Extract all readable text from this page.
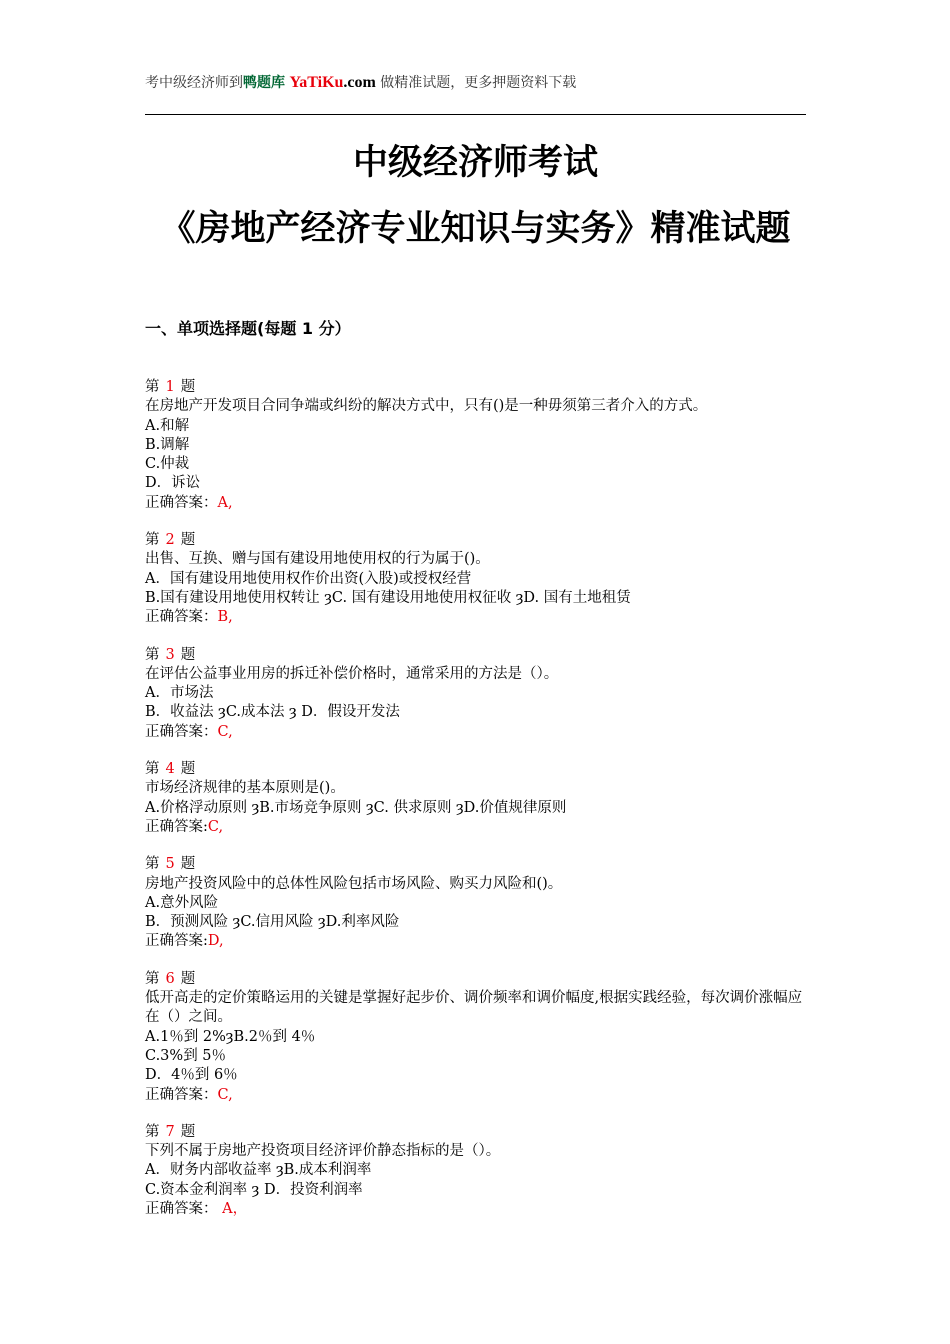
考中级经济师到鸭题库 YaTiKu.com 做精准试题，更多押题资料下载
中级经济师考试
《房地产经济专业知识与实务》精准试题
一、单项选择题(每题 1 分）
第 1 题
在房地产开发项目合同争端或纠纷的解决方式中，只有()是一种毋须第三者介入的方式。
A.和解
B.调解
C.仲裁
D．诉讼
正确答案：A,
第 2 题
出售、互换、赠与国有建设用地使用权的行为属于()。
A．国有建设用地使用权作价出资(入股)或授权经营
B.国有建设用地使用权转让 ȝC. 国有建设用地使用权征收 ȝD. 国有土地租赁
正确答案：B,
第 3 题
在评估公益事业用房的拆迁补偿价格时，通常采用的方法是（）。
A．市场法
B．收益法 ȝC.成本法 ȝ D．假设开发法
正确答案：C,
第 4 题
市场经济规律的基本原则是()。
A.价格浮动原则 ȝB.市场竞争原则 ȝC. 供求原则 ȝD.价值规律原则
正确答案:C,
第 5 题
房地产投资风险中的总体性风险包括市场风险、购买力风险和()。
A.意外风险
B．预测风险 ȝC.信用风险 ȝD.利率风险
正确答案:D,
第 6 题
低开高走的定价策略运用的关键是掌握好起步价、调价频率和调价幅度,根据实践经验，每次调价涨幅应在（）之间。
A.1％到 2%ȝB.2％到 4％
C.3%到 5％
D．4％到 6％
正确答案：C,
第 7 题
下列不属于房地产投资项目经济评价静态指标的是（）。
A．财务内部收益率 ȝB.成本利润率
C.资本金利润率 ȝ D．投资利润率
正确答案： A，
